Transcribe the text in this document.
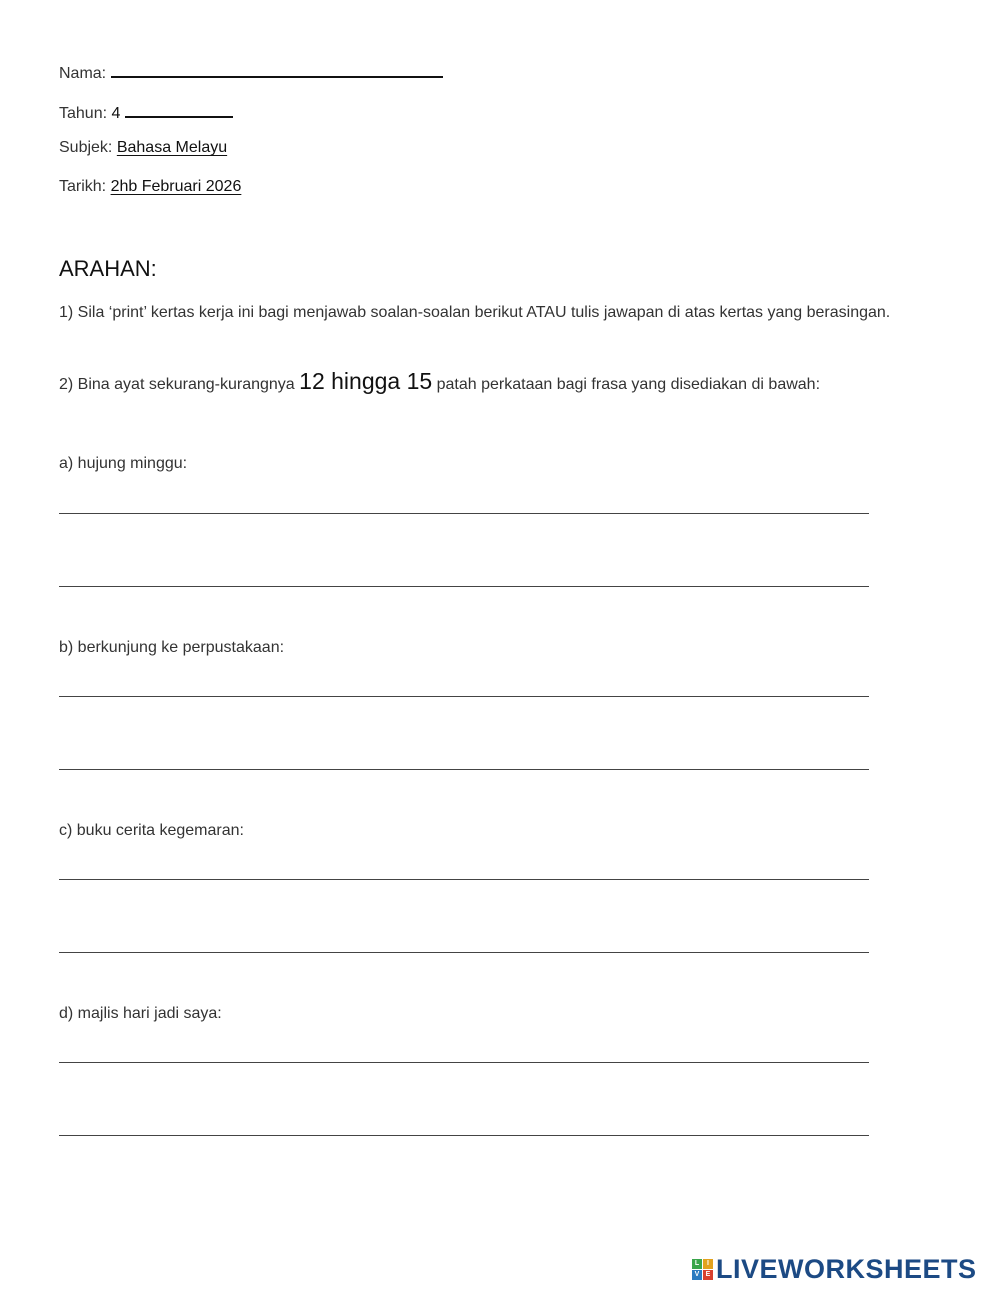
Nama:
Tahun: 4
Subjek: Bahasa Melayu
Tarikh: 2hb Februari 2026
ARAHAN:
1) Sila ‘print’ kertas kerja ini bagi menjawab soalan-soalan berikut ATAU tulis jawapan di atas kertas yang berasingan.
2) Bina ayat sekurang-kurangnya 12 hingga 15 patah perkataan bagi frasa yang disediakan di bawah:
a) hujung minggu:
b) berkunjung ke perpustakaan:
c) buku cerita kegemaran:
d) majlis hari jadi saya:
L	I
V E LIVEWORKSHEETS
